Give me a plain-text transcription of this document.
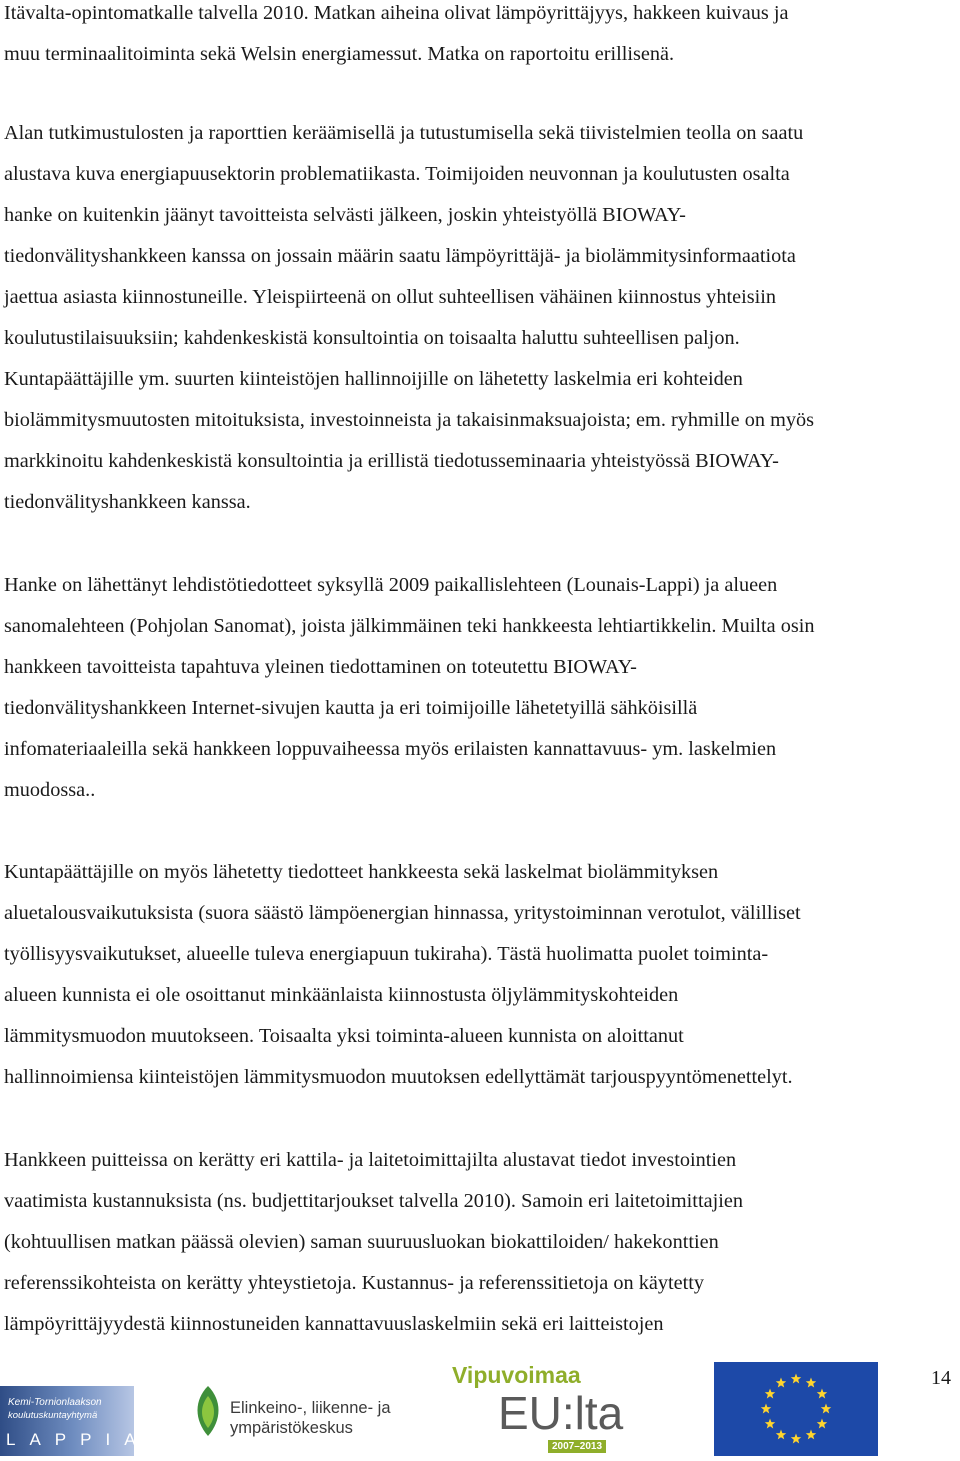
Itävalta-opintomatkalle talvella 2010. Matkan aiheina olivat lämpöyrittäjyys, hakkeen kuivaus ja
muu terminaalitoiminta sekä Welsin energiamessut. Matka on raportoitu erillisenä.
Alan tutkimustulosten ja raporttien keräämisellä ja tutustumisella sekä tiivistelmien teolla on saatu
alustava kuva energiapuusektorin problematiikasta. Toimijoiden neuvonnan ja koulutusten osalta
hanke on kuitenkin jäänyt tavoitteista selvästi jälkeen, joskin yhteistyöllä BIOWAY-
tiedonvälityshankkeen kanssa on jossain määrin saatu lämpöyrittäjä- ja biolämmitysinformaatiota
jaettua asiasta kiinnostuneille. Yleispiirteenä on ollut suhteellisen vähäinen kiinnostus yhteisiin
koulutustilaisuuksiin; kahdenkeskistä konsultointia on toisaalta haluttu suhteellisen paljon.
Kuntapäättäjille ym. suurten kiinteistöjen hallinnoijille on lähetetty laskelmia eri kohteiden
biolämmitysmuutosten mitoituksista, investoinneista ja takaisinmaksuajoista; em. ryhmille on myös
markkinoitu kahdenkeskistä konsultointia ja erillistä tiedotusseminaaria yhteistyössä BIOWAY-
tiedonvälityshankkeen kanssa.
Hanke on lähettänyt lehdistötiedotteet syksyllä 2009 paikallislehteen (Lounais-Lappi) ja alueen
sanomalehteen (Pohjolan Sanomat), joista jälkimmäinen teki hankkeesta lehtiartikkelin. Muilta osin
hankkeen tavoitteista tapahtuva yleinen tiedottaminen on toteutettu BIOWAY-
tiedonvälityshankkeen Internet-sivujen kautta ja eri toimijoille lähetetyillä sähköisillä
infomateriaaleilla sekä hankkeen loppuvaiheessa myös erilaisten kannattavuus- ym. laskelmien
muodossa..
Kuntapäättäjille on myös lähetetty tiedotteet hankkeesta sekä laskelmat biolämmityksen
aluetalousvaikutuksista (suora säästö lämpöenergian hinnassa, yritystoiminnan verotulot, välilliset
työllisyysvaikutukset, alueelle tuleva energiapuun tukiraha). Tästä huolimatta puolet toiminta-
alueen kunnista ei ole osoittanut minkäänlaista kiinnostusta öljylämmityskohteiden
lämmitysmuodon muutokseen. Toisaalta yksi toiminta-alueen kunnista on aloittanut
hallinnoimiensa kiinteistöjen lämmitysmuodon muutoksen edellyttämät tarjouspyyntömenettelyt.
Hankkeen puitteissa on kerätty eri kattila- ja laitetoimittajilta alustavat tiedot investointien
vaatimista kustannuksista (ns. budjettitarjoukset talvella 2010). Samoin eri laitetoimittajien
(kohtuullisen matkan päässä olevien) saman suuruusluokan biokattiloiden/ hakekonttien
referenssikohteista on kerätty yhteystietoja. Kustannus- ja referenssitietoja on käytetty
lämpöyrittäjyydestä kiinnostuneiden kannattavuuslaskelmiin sekä eri laitteistojen
14
Kemi-Tornionlaakson
koulutuskuntayhtymä
LAPPIA
Elinkeino-, liikenne- ja
ympäristökeskus
Vipuvoimaa
EU:lta
2007–2013
